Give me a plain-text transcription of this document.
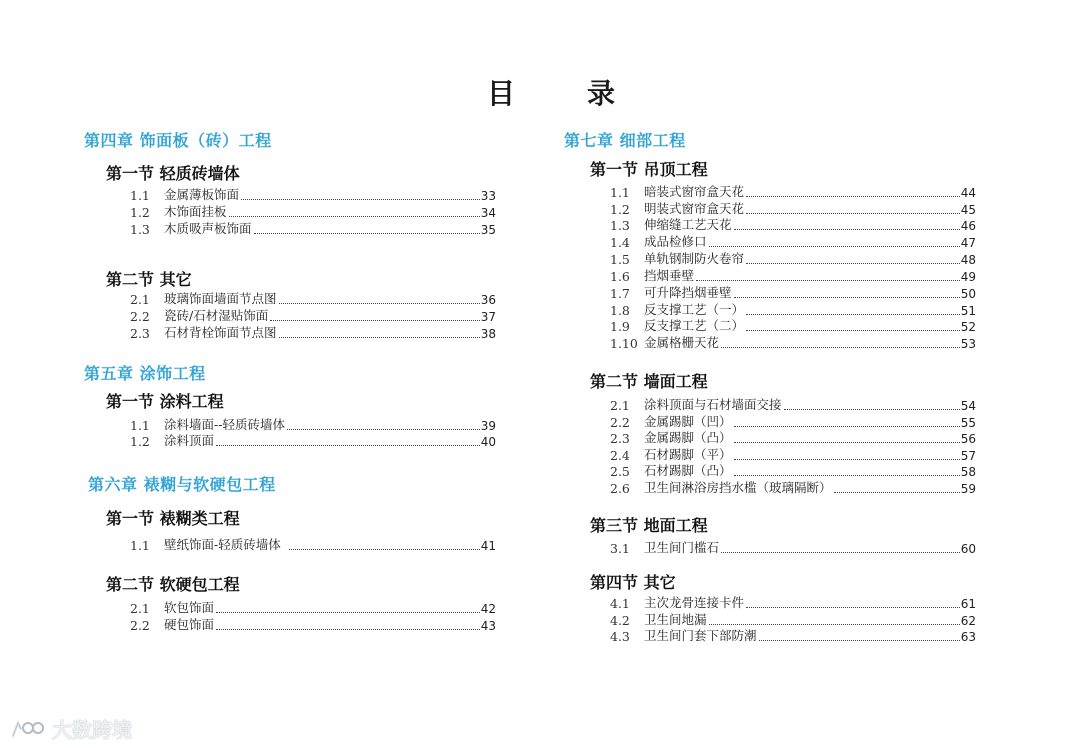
目　录
第四章 饰面板（砖）工程
第一节 轻质砖墙体
1.1	金属薄板饰面	33
1.2	木饰面挂板	34
1.3	木质吸声板饰面	35
第二节 其它
2.1	玻璃饰面墙面节点图	36
2.2	瓷砖/石材湿贴饰面	37
2.3	石材背栓饰面节点图	38
第五章 涂饰工程
第一节 涂料工程
1.1	涂料墙面--轻质砖墙体	39
1.2	涂料顶面	40
第六章 裱糊与软硬包工程
第一节 裱糊类工程
1.1	壁纸饰面-轻质砖墙体	41
第二节 软硬包工程
2.1	软包饰面	42
2.2	硬包饰面	43
第七章 细部工程
第一节 吊顶工程
1.1	暗装式窗帘盒天花	44
1.2	明装式窗帘盒天花	45
1.3	伸缩缝工艺天花	46
1.4	成品检修口	47
1.5	单轨钢制防火卷帘	48
1.6	挡烟垂壁	49
1.7	可升降挡烟垂壁	50
1.8	反支撑工艺（一）	51
1.9	反支撑工艺（二）	52
1.10 金属格栅天花	53
第二节 墙面工程
2.1	涂料顶面与石材墙面交接	54
2.2	金属踢脚（凹）	55
2.3	金属踢脚（凸）	56
2.4	石材踢脚（平）	57
2.5	石材踢脚（凸）	58
2.6	卫生间淋浴房挡水槛（玻璃隔断）	59
第三节 地面工程
3.1	卫生间门槛石	60
第四节 其它
4.1	主次龙骨连接卡件	61
4.2	卫生间地漏	62
4.3	卫生间门套下部防潮	63
大数跨境
